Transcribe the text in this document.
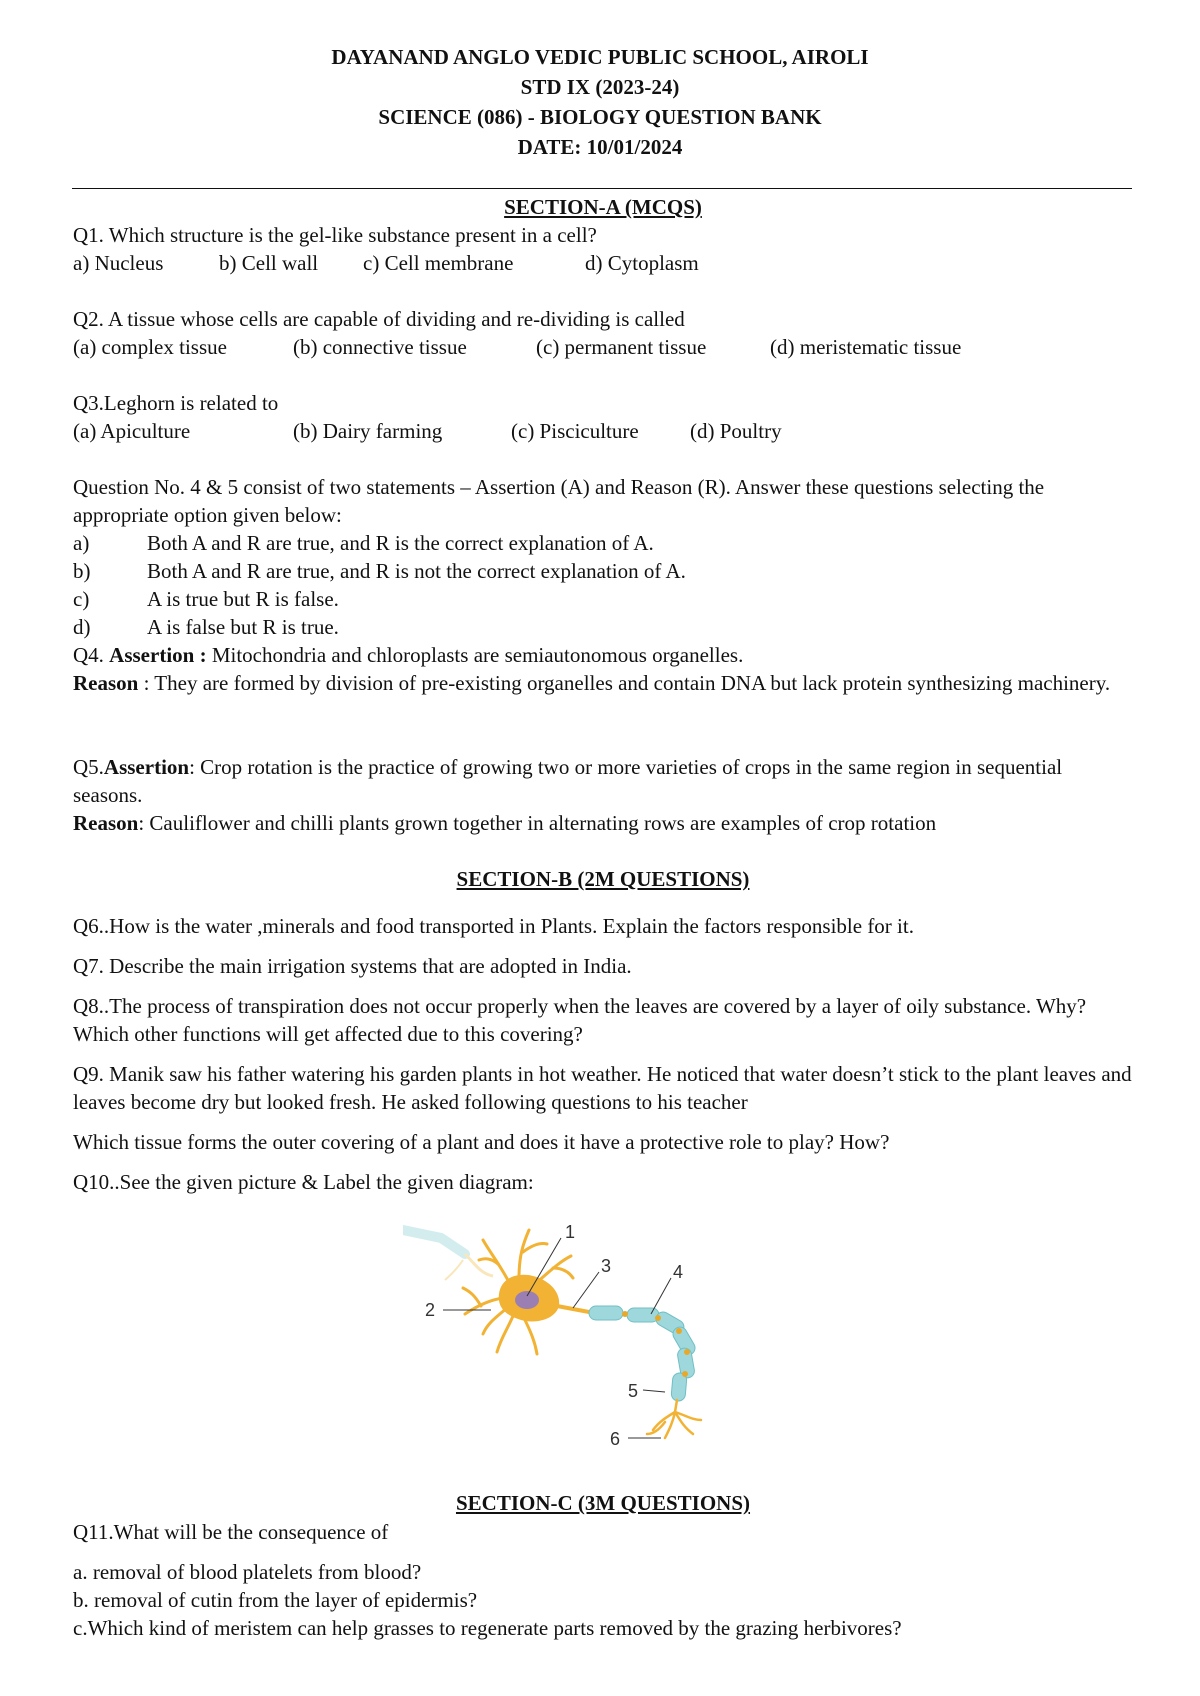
DAYANAND ANGLO VEDIC PUBLIC SCHOOL, AIROLI
STD IX (2023-24)
SCIENCE (086) - BIOLOGY QUESTION BANK
DATE: 10/01/2024
SECTION-A (MCQS)
Q1. Which structure is the gel-like substance present in a cell?
a) Nucleus	b) Cell wall c) Cell membrane	d) Cytoplasm
Q2. A tissue whose cells are capable of dividing and re-dividing is called
(a) complex tissue	(b) connective tissue	(c) permanent tissue	(d) meristematic tissue
Q3.Leghorn is related to
(a) Apiculture	(b) Dairy farming	(c) Pisciculture (d) Poultry
Question No. 4 & 5 consist of two statements – Assertion (A) and Reason (R). Answer these questions selecting the appropriate option given below:
a)	Both A and R are true, and R is the correct explanation of A.
b)	Both A and R are true, and R is not the correct explanation of A.
c)	A is true but R is false.
d)	A is false but R is true.
Q4. Assertion : Mitochondria and chloroplasts are semiautonomous organelles.
Reason : They are formed by division of pre-existing organelles and contain DNA but lack protein synthesizing machinery.
Q5.Assertion: Crop rotation is the practice of growing two or more varieties of crops in the same region in sequential seasons.
Reason: Cauliflower and chilli plants grown together in alternating rows are examples of crop rotation
SECTION-B (2M QUESTIONS)
Q6..How is the water ,minerals and food transported in Plants. Explain the factors responsible for it.
Q7. Describe the main irrigation systems that are adopted in India.
Q8..The process of transpiration does not occur properly when the leaves are covered by a layer of oily substance. Why? Which other functions will get affected due to this covering?
Q9. Manik saw his father watering his garden plants in hot weather. He noticed that water doesn’t stick to the plant leaves and leaves become dry but looked fresh. He asked following questions to his teacher
Which tissue forms the outer covering of a plant and does it have a protective role to play? How?
Q10..See the given picture & Label the given diagram:
1
2
3	4
5
6
SECTION-C (3M QUESTIONS)
Q11.What will be the consequence of
a. removal of blood platelets from blood?
b. removal of cutin from the layer of epidermis?
c.Which kind of meristem can help grasses to regenerate parts removed by the grazing herbivores?
